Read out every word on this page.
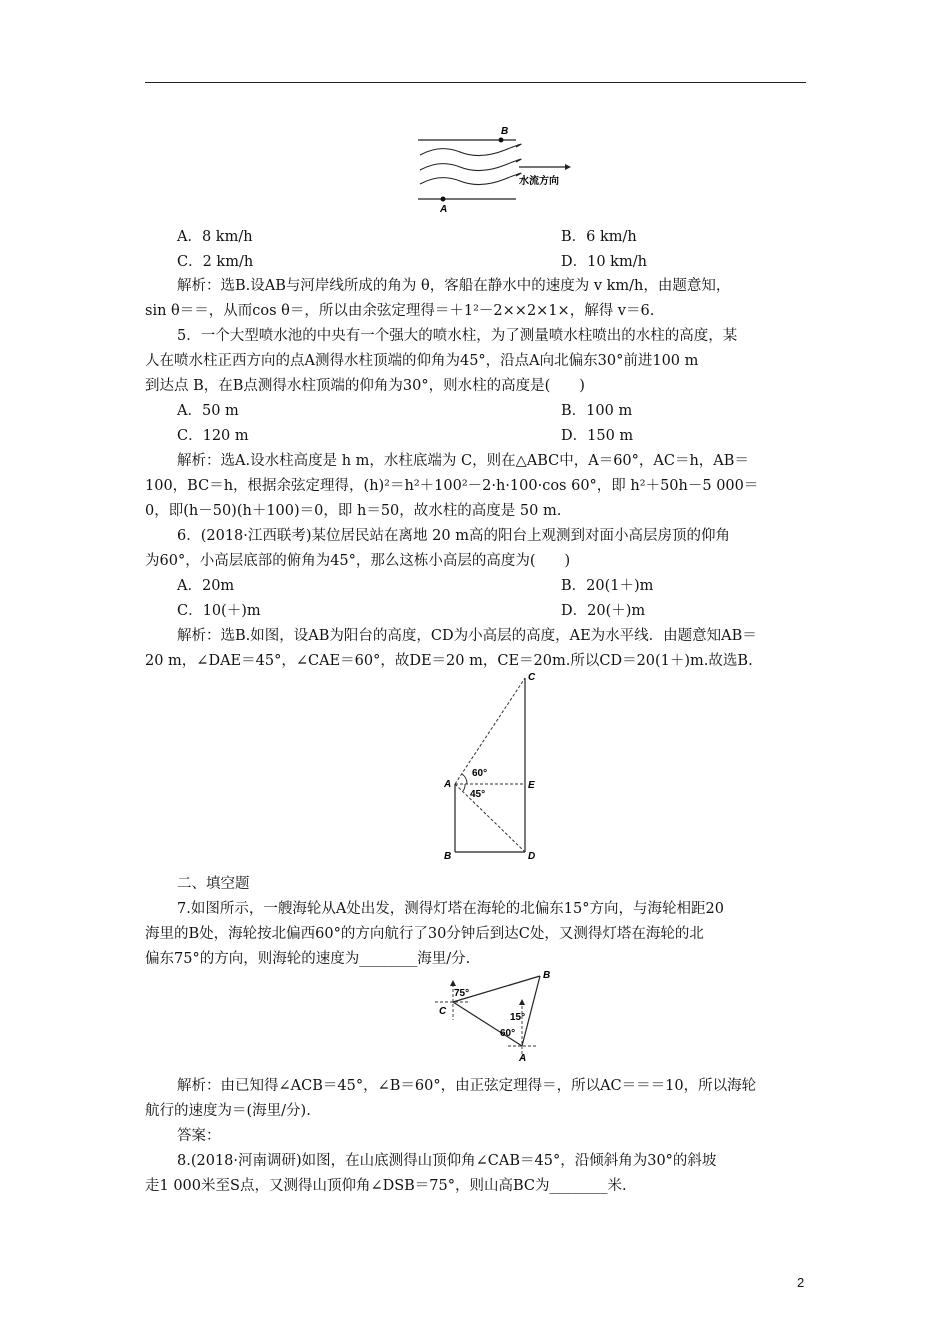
B
A
水流方向
A．8 km/h	B．6 km/h
C．2 km/h	D．10 km/h
解析：选B.设AB与河岸线所成的角为 θ，客船在静水中的速度为 v km/h，由题意知，
sin θ＝＝，从而cos θ＝，所以由余弦定理得＝＋1²－2××2×1×，解得 v＝6.
5．一个大型喷水池的中央有一个强大的喷水柱，为了测量喷水柱喷出的水柱的高度，某
人在喷水柱正西方向的点A测得水柱顶端的仰角为45°，沿点A向北偏东30°前进100 m
到达点 B，在B点测得水柱顶端的仰角为30°，则水柱的高度是(　　)
A．50 m	B．100 m
C．120 m	D．150 m
解析：选A.设水柱高度是 h m，水柱底端为 C，则在△ABC中，A＝60°，AC＝h，AB＝
100，BC＝h，根据余弦定理得，(h)²＝h²＋100²－2·h·100·cos 60°，即 h²＋50h－5 000＝
0，即(h－50)(h＋100)＝0，即 h＝50，故水柱的高度是 50 m.
6．(2018·江西联考)某位居民站在离地 20 m高的阳台上观测到对面小高层房顶的仰角
为60°，小高层底部的俯角为45°，那么这栋小高层的高度为(　　)
A．20m	B．20(1＋)m
C．10(＋)m	D．20(＋)m
解析：选B.如图，设AB为阳台的高度，CD为小高层的高度，AE为水平线．由题意知AB＝
20 m，∠DAE＝45°，∠CAE＝60°，故DE＝20 m，CE＝20m.所以CD＝20(1＋)m.故选B.
C
A	E
B	D
60°
45°
二、填空题
7.如图所示，一艘海轮从A处出发，测得灯塔在海轮的北偏东15°方向，与海轮相距20
海里的B处，海轮按北偏西60°的方向航行了30分钟后到达C处，又测得灯塔在海轮的北
偏东75°的方向，则海轮的速度为________海里/分.
B
C
A
75°
15°
60°
解析：由已知得∠ACB＝45°，∠B＝60°，由正弦定理得＝，所以AC＝＝＝10，所以海轮
航行的速度为＝(海里/分).
答案：
8.(2018·河南调研)如图，在山底测得山顶仰角∠CAB＝45°，沿倾斜角为30°的斜坡
走1 000米至S点，又测得山顶仰角∠DSB＝75°，则山高BC为________米.
2
